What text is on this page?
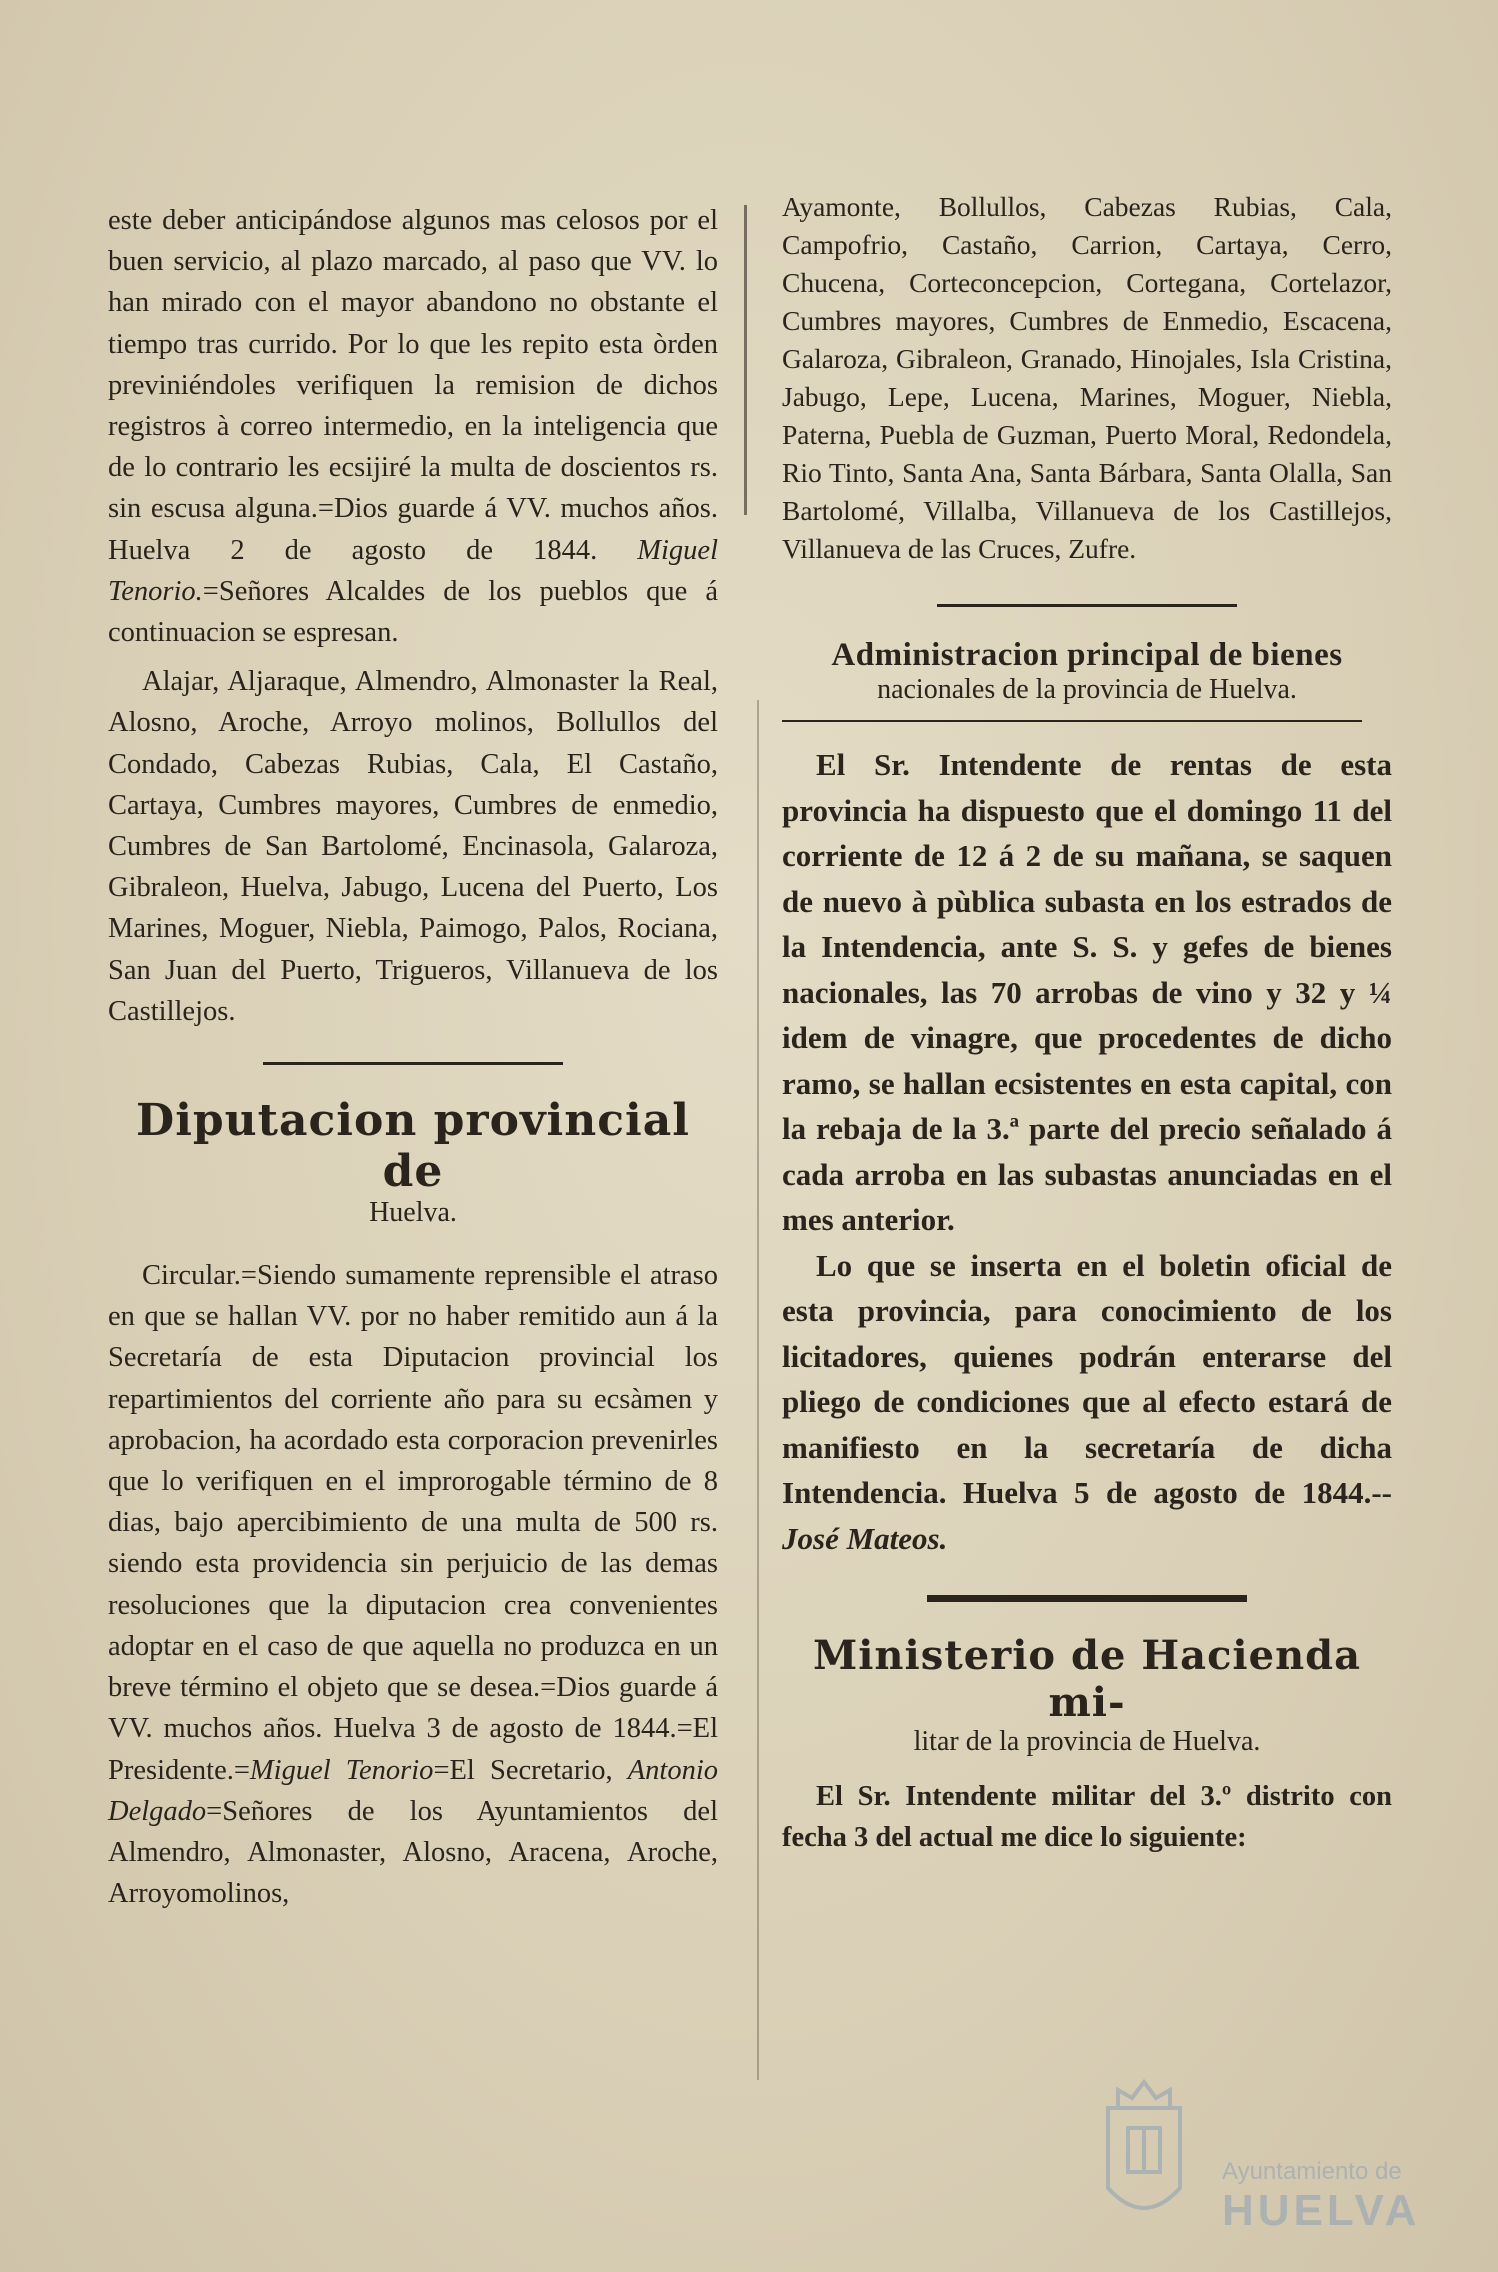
este deber anticipándose algunos mas celosos por el buen servicio, al plazo marcado, al paso que VV. lo han mirado con el mayor abandono no obstante el tiempo tras currido. Por lo que les repito esta òrden previniéndoles verifiquen la remision de dichos registros à correo intermedio, en la inteligencia que de lo contrario les ecsijiré la multa de doscientos rs. sin escusa alguna.=Dios guarde á VV. muchos años. Huelva 2 de agosto de 1844. Miguel Tenorio.=Señores Alcaldes de los pueblos que á continuacion se espresan.

Alajar, Aljaraque, Almendro, Almonaster la Real, Alosno, Aroche, Arroyo molinos, Bollullos del Condado, Cabezas Rubias, Cala, El Castaño, Cartaya, Cumbres mayores, Cumbres de enmedio, Cumbres de San Bartolomé, Encinasola, Galaroza, Gibraleon, Huelva, Jabugo, Lucena del Puerto, Los Marines, Moguer, Niebla, Paimogo, Palos, Rociana, San Juan del Puerto, Trigueros, Villanueva de los Castillejos.

Diputacion provincial de
Huelva.

Circular.=Siendo sumamente reprensible el atraso en que se hallan VV. por no haber remitido aun á la Secretaría de esta Diputacion provincial los repartimientos del corriente año para su ecsàmen y aprobacion, ha acordado esta corporacion prevenirles que lo verifiquen en el improrogable término de 8 dias, bajo apercibimiento de una multa de 500 rs. siendo esta providencia sin perjuicio de las demas resoluciones que la diputacion crea convenientes adoptar en el caso de que aquella no produzca en un breve término el objeto que se desea.=Dios guarde á VV. muchos años. Huelva 3 de agosto de 1844.=El Presidente.=Miguel Tenorio=El Secretario, Antonio Delgado=Señores de los Ayuntamientos del Almendro, Almonaster, Alosno, Aracena, Aroche, Arroyomolinos,

Ayamonte, Bollullos, Cabezas Rubias, Cala, Campofrio, Castaño, Carrion, Cartaya, Cerro, Chucena, Corteconcepcion, Cortegana, Cortelazor, Cumbres mayores, Cumbres de Enmedio, Escacena, Galaroza, Gibraleon, Granado, Hinojales, Isla Cristina, Jabugo, Lepe, Lucena, Marines, Moguer, Niebla, Paterna, Puebla de Guzman, Puerto Moral, Redondela, Rio Tinto, Santa Ana, Santa Bárbara, Santa Olalla, San Bartolomé, Villalba, Villanueva de los Castillejos, Villanueva de las Cruces, Zufre.

Administracion principal de bienes
nacionales de la provincia de Huelva.

El Sr. Intendente de rentas de esta provincia ha dispuesto que el domingo 11 del corriente de 12 á 2 de su mañana, se saquen de nuevo à pùblica subasta en los estrados de la Intendencia, ante S. S. y gefes de bienes nacionales, las 70 arrobas de vino y 32 y ¼ idem de vinagre, que procedentes de dicho ramo, se hallan ecsistentes en esta capital, con la rebaja de la 3.ª parte del precio señalado á cada arroba en las subastas anunciadas en el mes anterior.

Lo que se inserta en el boletin oficial de esta provincia, para conocimiento de los licitadores, quienes podrán enterarse del pliego de condiciones que al efecto estará de manifiesto en la secretaría de dicha Intendencia. Huelva 5 de agosto de 1844.-- José Mateos.

Ministerio de Hacienda mi-
litar de la provincia de Huelva.

El Sr. Intendente militar del 3.º distrito con fecha 3 del actual me dice lo siguiente:

Ayuntamiento de
HUELVA
